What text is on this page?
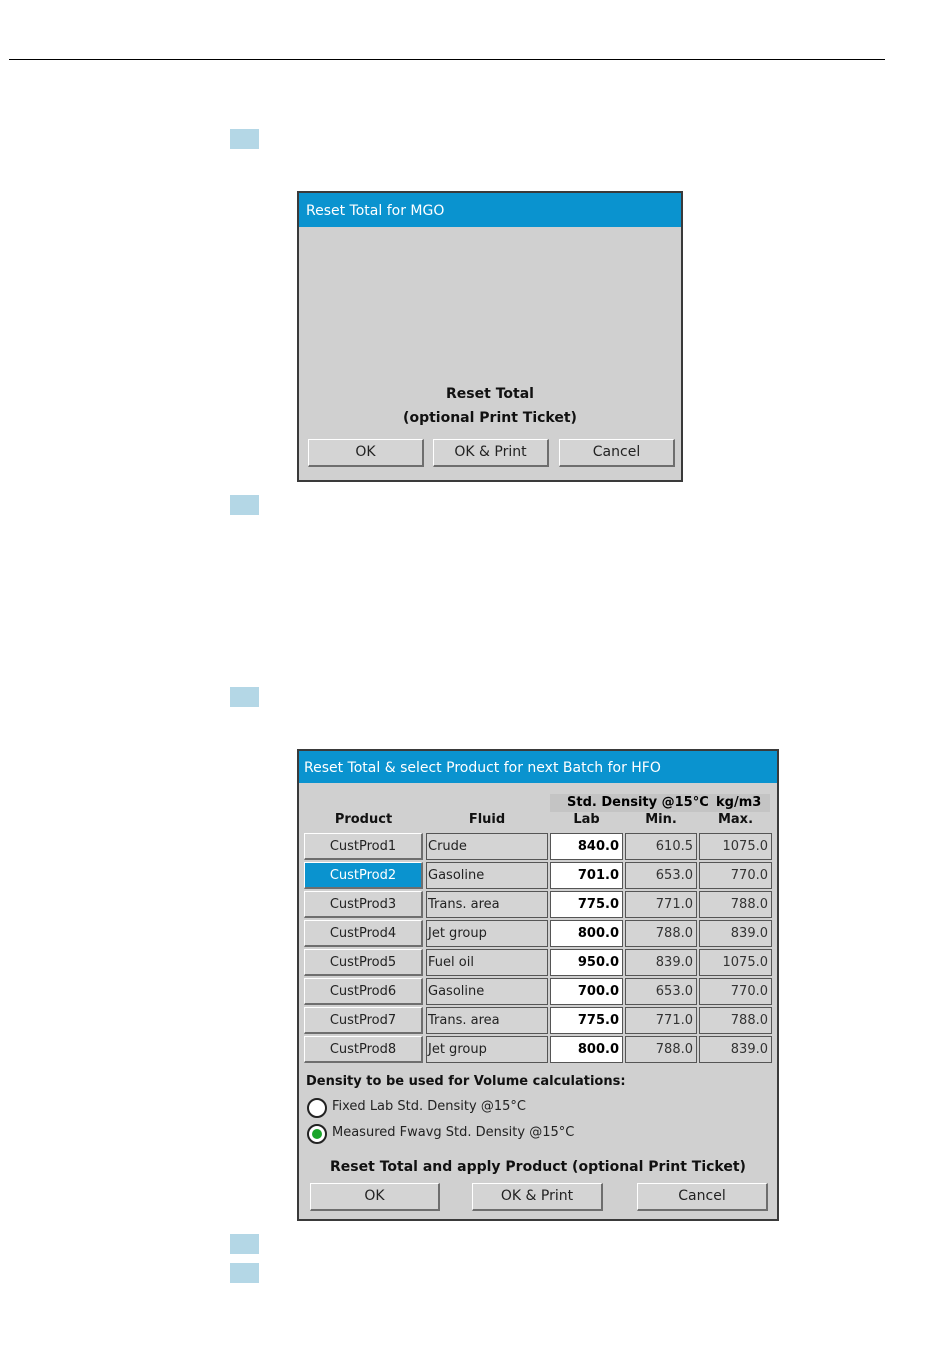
Reset Total for MGO
Reset Total
(optional Print Ticket)
OK	OK & Print	Cancel
Reset Total & select Product for next Batch for HFO
Std. Density @15°C kg/m3
Product	Fluid	Lab	Min.	Max.
CustProd1	Crude	840.0	610.5	1075.0
CustProd2	Gasoline	701.0	653.0	770.0
CustProd3	Trans. area	775.0	771.0	788.0
CustProd4	Jet group	800.0	788.0	839.0
CustProd5	Fuel oil	950.0	839.0	1075.0
CustProd6	Gasoline	700.0	653.0	770.0
CustProd7	Trans. area	775.0	771.0	788.0
CustProd8	Jet group	800.0	788.0	839.0
Density to be used for Volume calculations:
Fixed Lab Std. Density @15°C
Measured Fwavg Std. Density @15°C
Reset Total and apply Product (optional Print Ticket)
OK	OK & Print	Cancel
